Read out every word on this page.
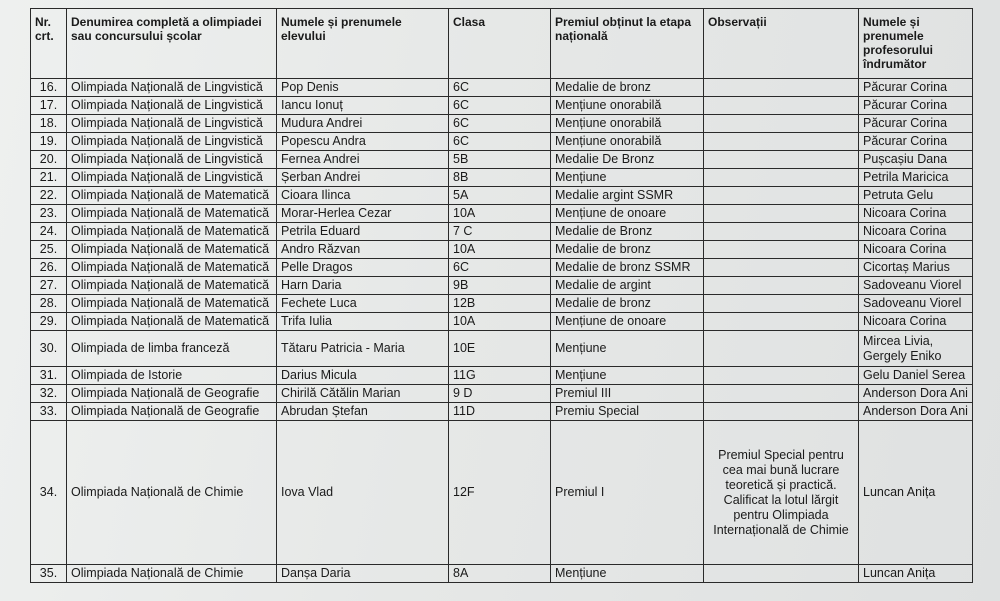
Nr. crt.	Denumirea completă a olimpiadei sau concursului școlar	Numele și prenumele elevului	Clasa	Premiul obținut la etapa națională	Observații	Numele și prenumele profesorului îndrumător
16.	Olimpiada Națională de Lingvistică	Pop Denis	6C	Medalie de bronz		Păcurar Corina
17.	Olimpiada Națională de Lingvistică	Iancu Ionuț	6C	Mențiune onorabilă		Păcurar Corina
18.	Olimpiada Națională de Lingvistică	Mudura Andrei	6C	Mențiune onorabilă		Păcurar Corina
19.	Olimpiada Națională de Lingvistică	Popescu Andra	6C	Mențiune onorabilă		Păcurar Corina
20.	Olimpiada Națională de Lingvistică	Fernea Andrei	5B	Medalie De Bronz		Pușcașiu Dana
21.	Olimpiada Națională de Lingvistică	Șerban Andrei	8B	Mențiune		Petrila Maricica
22.	Olimpiada Națională de Matematică	Cioara Ilinca	5A	Medalie argint SSMR		Petruta Gelu
23.	Olimpiada Națională de Matematică	Morar-Herlea Cezar	10A	Mențiune de onoare		Nicoara Corina
24.	Olimpiada Națională de Matematică	Petrila Eduard	7 C	Medalie de Bronz		Nicoara Corina
25.	Olimpiada Națională de Matematică	Andro Răzvan	10A	Medalie de bronz		Nicoara Corina
26.	Olimpiada Națională de Matematică	Pelle Dragos	6C	Medalie de bronz SSMR		Cicortaș Marius
27.	Olimpiada Națională de Matematică	Harn Daria	9B	Medalie de argint		Sadoveanu Viorel
28.	Olimpiada Națională de Matematică	Fechete Luca	12B	Medalie de bronz		Sadoveanu Viorel
29.	Olimpiada Națională de Matematică	Trifa Iulia	10A	Mențiune de onoare		Nicoara Corina
30.	Olimpiada de limba franceză	Tătaru Patricia - Maria	10E	Mențiune		Mircea Livia, Gergely Eniko
31.	Olimpiada de Istorie	Darius Micula	11G	Mențiune		Gelu Daniel Serea
32.	Olimpiada Națională de Geografie	Chirilă Cătălin Marian	9 D	Premiul III		Anderson Dora Ani
33.	Olimpiada Națională de Geografie	Abrudan Ștefan	11D	Premiu Special		Anderson Dora Ani
34.	Olimpiada Națională de Chimie	Iova Vlad	12F	Premiul I	Premiul Special pentru cea mai bună lucrare teoretică și practică. Calificat la lotul lărgit pentru Olimpiada Internațională de Chimie	Luncan Anița
35.	Olimpiada Națională de Chimie	Danșa Daria	8A	Mențiune		Luncan Anița
